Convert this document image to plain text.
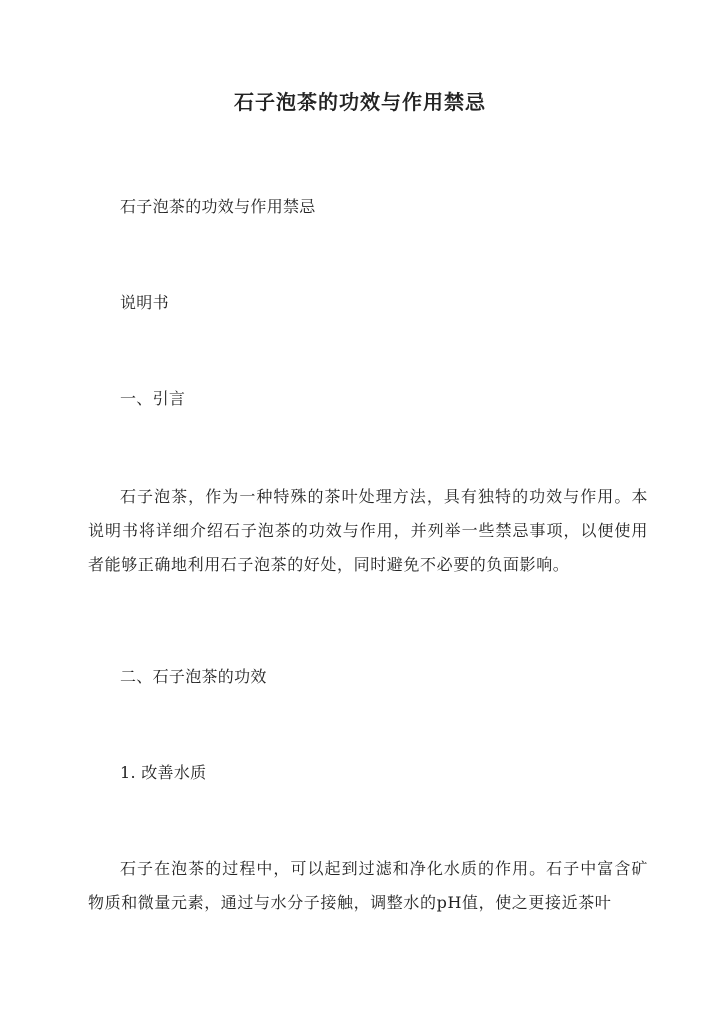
石子泡茶的功效与作用禁忌
石子泡茶的功效与作用禁忌
说明书
一、引言
石子泡茶，作为一种特殊的茶叶处理方法，具有独特的功效与作用。本说明书将详细介绍石子泡茶的功效与作用，并列举一些禁忌事项，以便使用者能够正确地利用石子泡茶的好处，同时避免不必要的负面影响。
二、石子泡茶的功效
1. 改善水质
石子在泡茶的过程中，可以起到过滤和净化水质的作用。石子中富含矿物质和微量元素，通过与水分子接触，调整水的pH值，使之更接近茶叶
